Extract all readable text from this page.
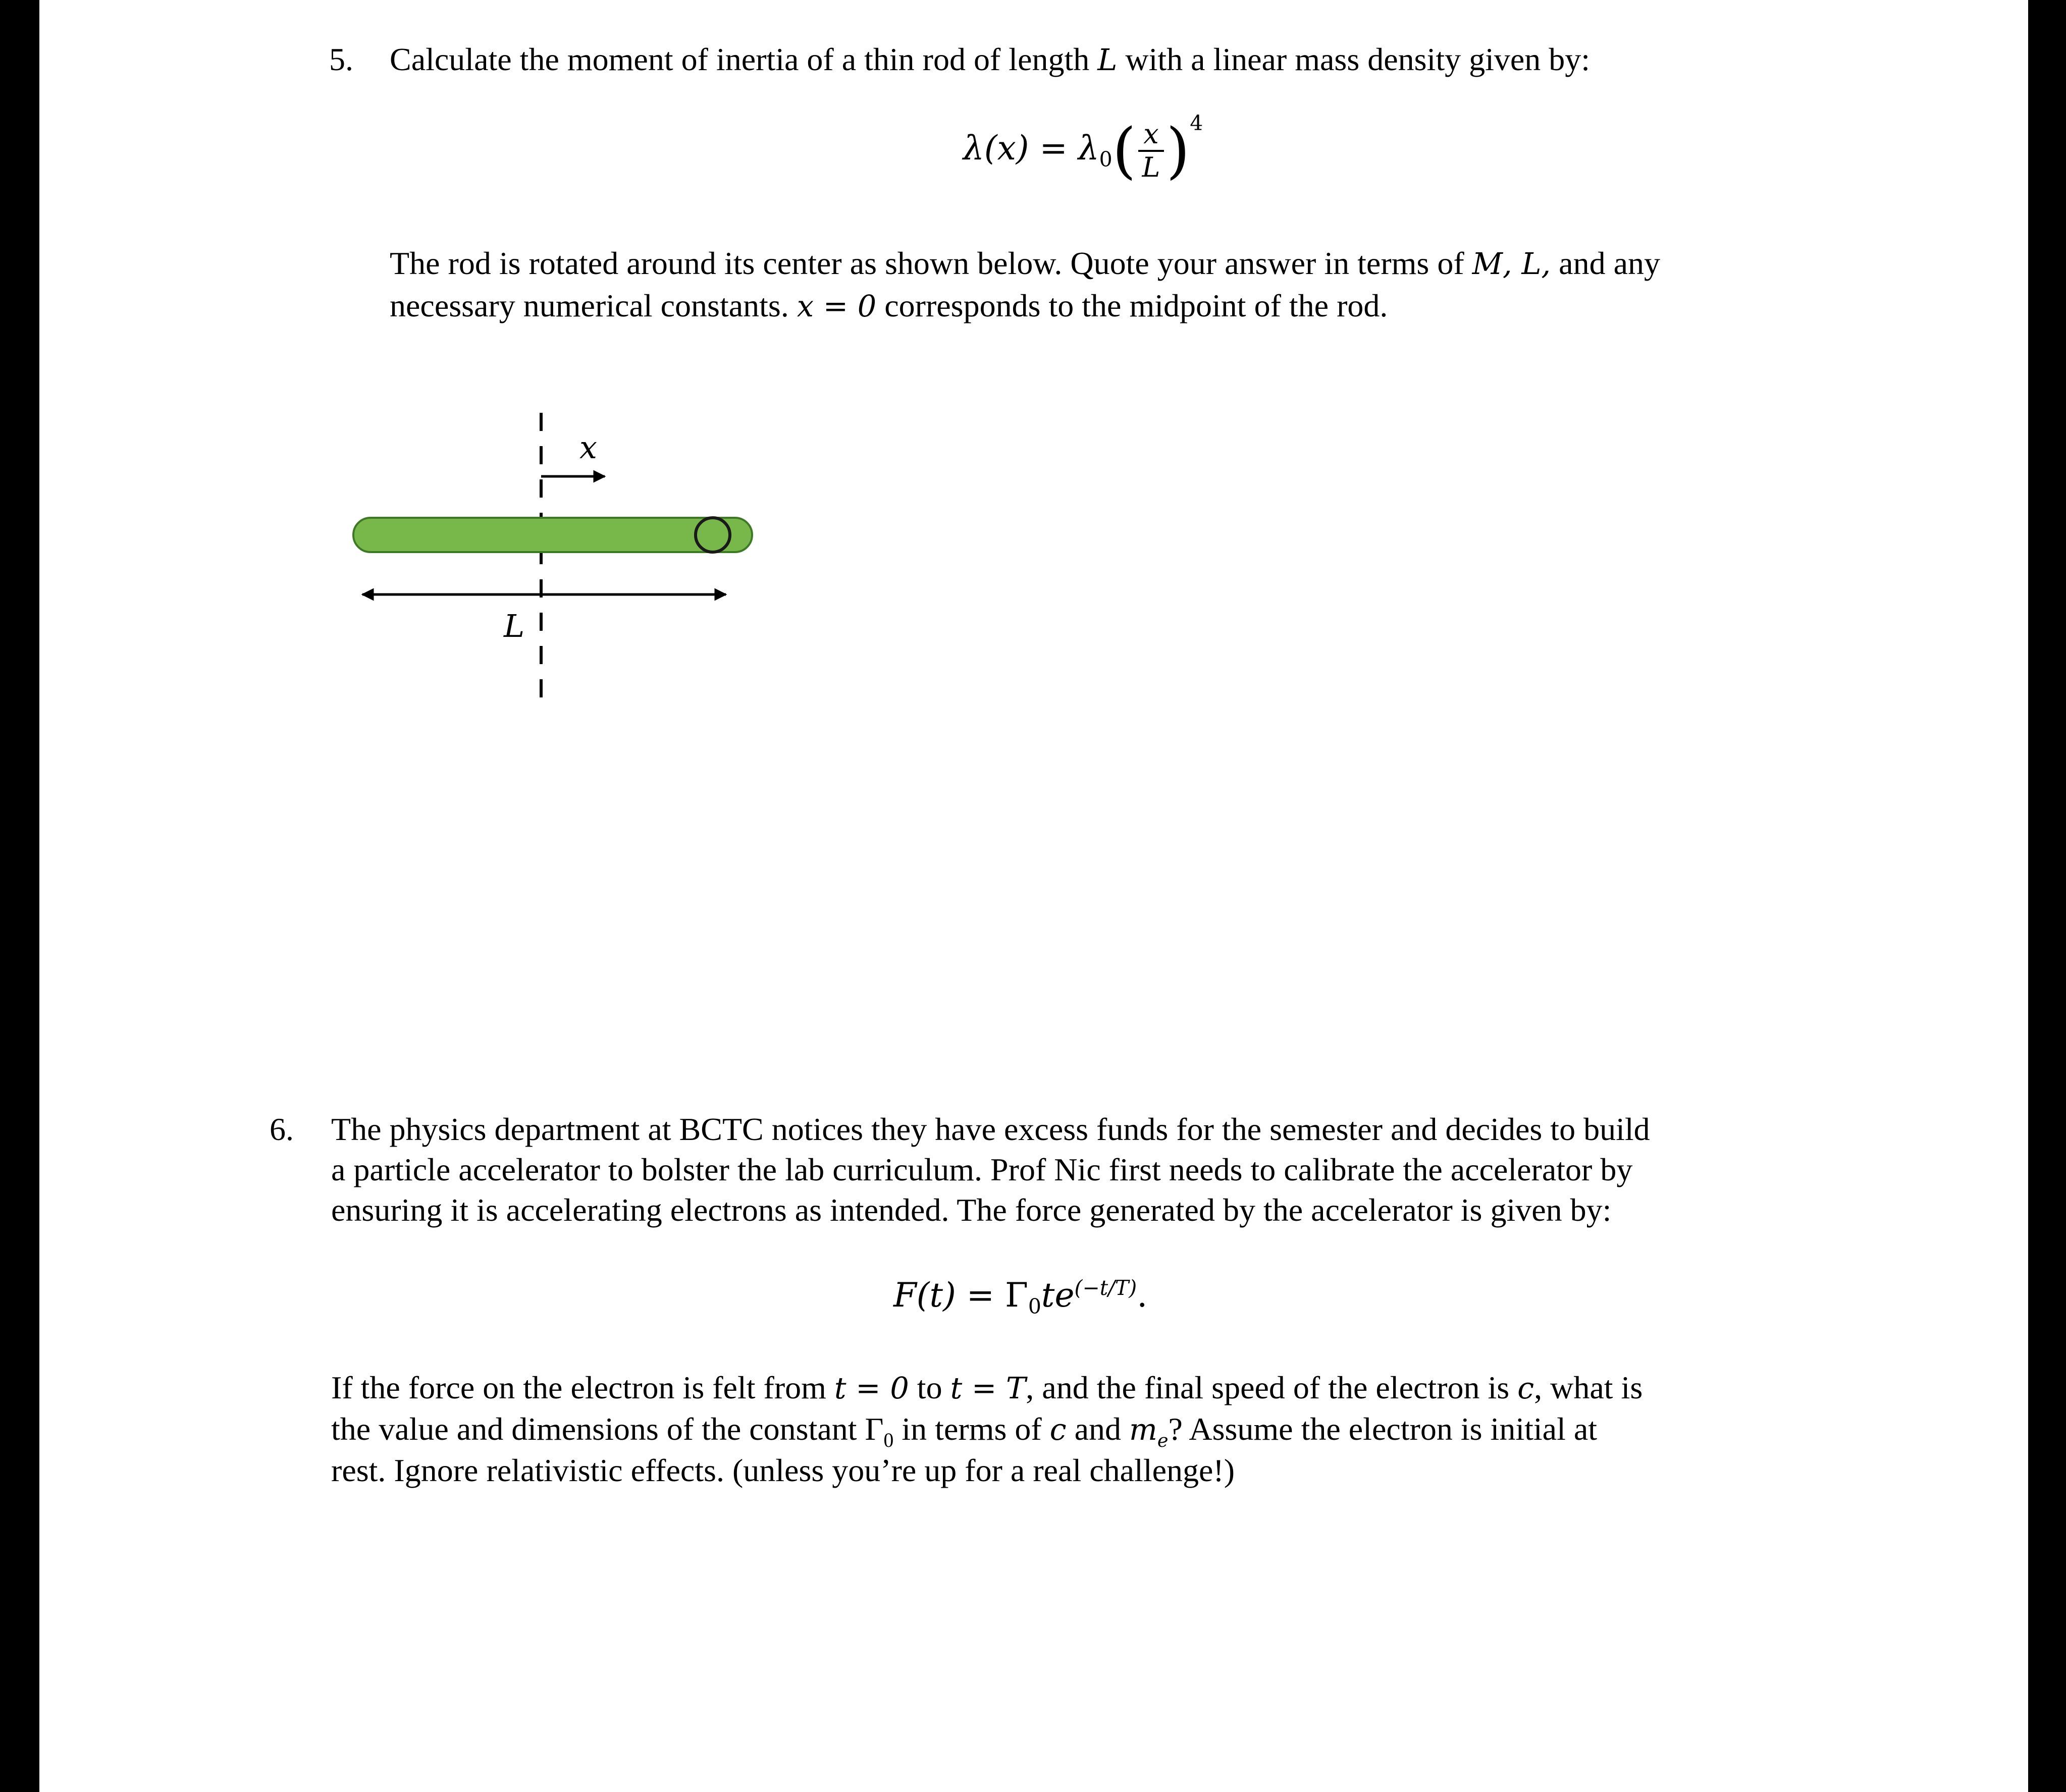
5. Calculate the moment of inertia of a thin rod of length L with a linear mass density given by:
$\lambda(x) = \lambda_0( \frac{x}{L} )^4$
The rod is rotated around its center as shown below. Quote your answer in terms of M, L, and any
necessary numerical constants. x = 0 corresponds to the midpoint of the rod.
x
L
6. The physics department at BCTC notices they have excess funds for the semester and decides to build
a particle accelerator to bolster the lab curriculum. Prof Nic first needs to calibrate the accelerator by
ensuring it is accelerating electrons as intended. The force generated by the accelerator is given by:
$F(t) = \Gamma_0te^{(-t/T)}$.
If the force on the electron is felt from t = 0 to t = T, and the final speed of the electron is c, what is
the value and dimensions of the constant $\Gamma_0$ in terms of c and $m_e$? Assume the electron is initial at
rest. Ignore relativistic effects. (unless you’re up for a real challenge!)
